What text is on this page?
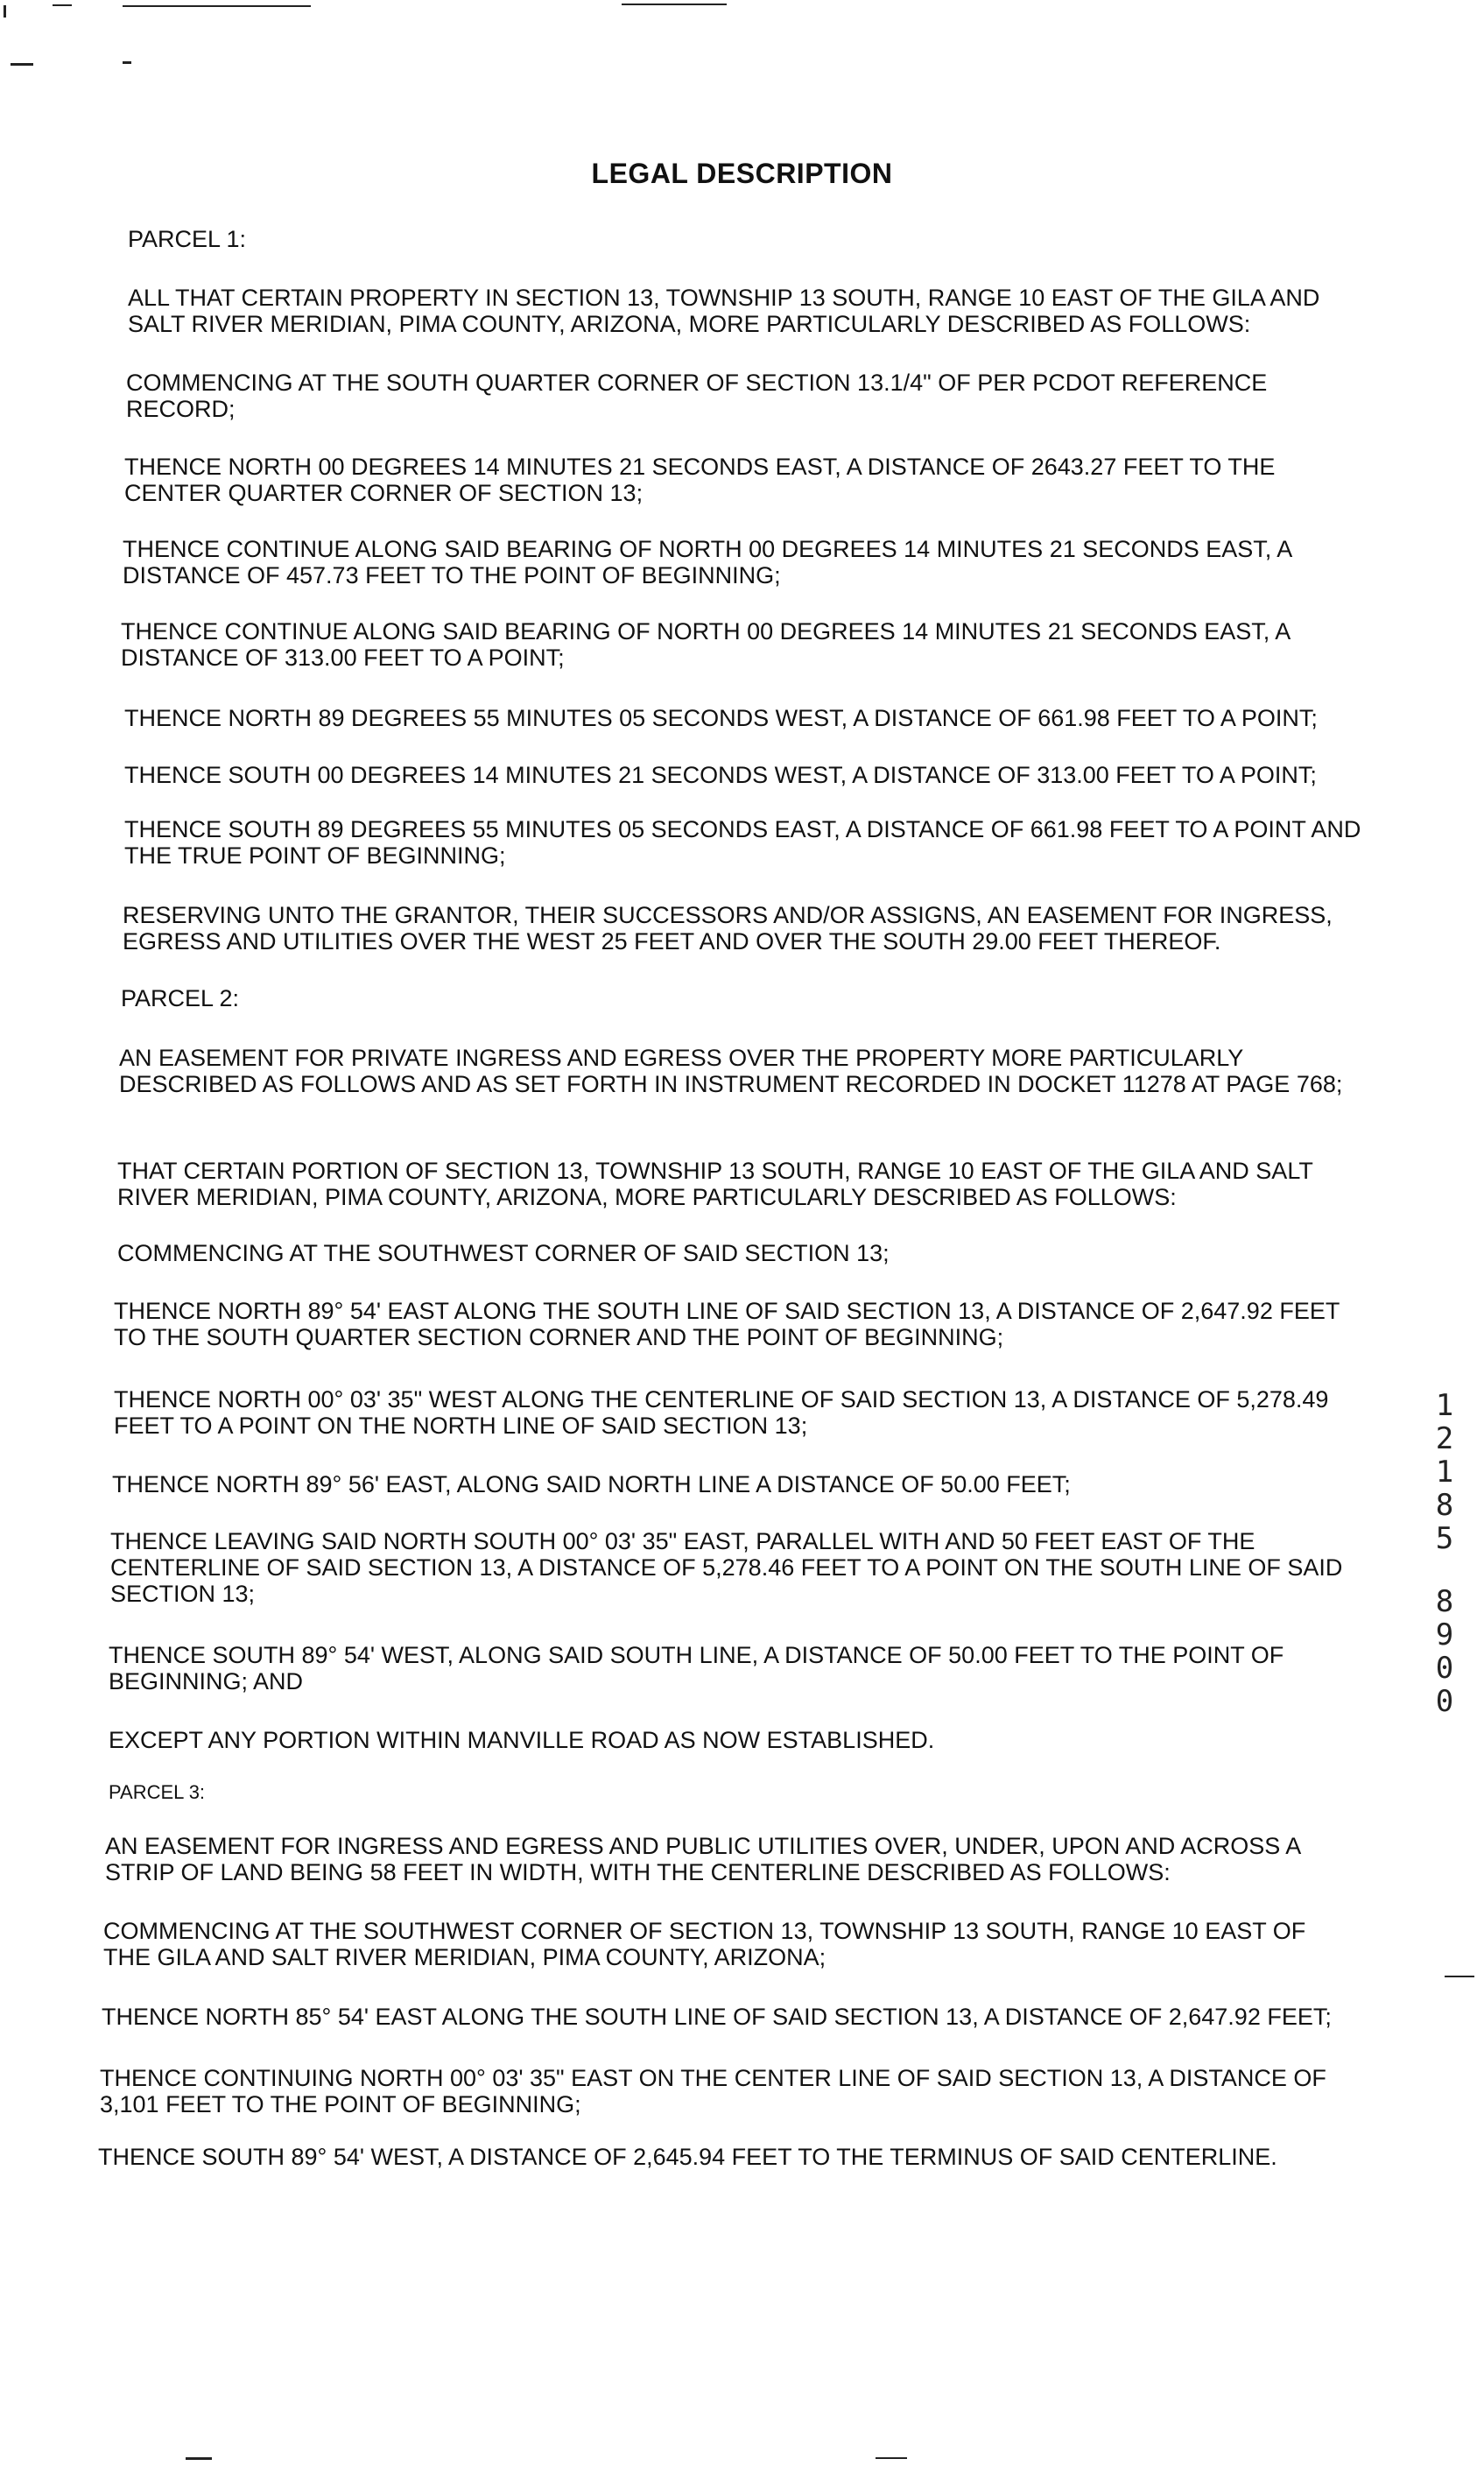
LEGAL DESCRIPTION
PARCEL 1:
ALL THAT CERTAIN PROPERTY IN SECTION 13, TOWNSHIP 13 SOUTH, RANGE 10 EAST OF THE GILA AND SALT RIVER MERIDIAN, PIMA COUNTY, ARIZONA, MORE PARTICULARLY DESCRIBED AS FOLLOWS:
COMMENCING AT THE SOUTH QUARTER CORNER OF SECTION 13.1/4" OF PER PCDOT REFERENCE RECORD;
THENCE NORTH 00 DEGREES 14 MINUTES 21 SECONDS EAST, A DISTANCE OF 2643.27 FEET TO THE CENTER QUARTER CORNER OF SECTION 13;
THENCE CONTINUE ALONG SAID BEARING OF NORTH 00 DEGREES 14 MINUTES 21 SECONDS EAST, A DISTANCE OF 457.73 FEET TO THE POINT OF BEGINNING;
THENCE CONTINUE ALONG SAID BEARING OF NORTH 00 DEGREES 14 MINUTES 21 SECONDS EAST, A DISTANCE OF 313.00 FEET TO A POINT;
THENCE NORTH 89 DEGREES 55 MINUTES 05 SECONDS WEST, A DISTANCE OF 661.98 FEET TO A POINT;
THENCE SOUTH 00 DEGREES 14 MINUTES 21 SECONDS WEST, A DISTANCE OF 313.00 FEET TO A POINT;
THENCE SOUTH 89 DEGREES 55 MINUTES 05 SECONDS EAST, A DISTANCE OF 661.98 FEET TO A POINT AND THE TRUE POINT OF BEGINNING;
RESERVING UNTO THE GRANTOR, THEIR SUCCESSORS AND/OR ASSIGNS, AN EASEMENT FOR INGRESS, EGRESS AND UTILITIES OVER THE WEST 25 FEET AND OVER THE SOUTH 29.00 FEET THEREOF.
PARCEL 2:
AN EASEMENT FOR PRIVATE INGRESS AND EGRESS OVER THE PROPERTY MORE PARTICULARLY DESCRIBED AS FOLLOWS AND AS SET FORTH IN INSTRUMENT RECORDED IN DOCKET 11278 AT PAGE 768;
THAT CERTAIN PORTION OF SECTION 13, TOWNSHIP 13 SOUTH, RANGE 10 EAST OF THE GILA AND SALT RIVER MERIDIAN, PIMA COUNTY, ARIZONA, MORE PARTICULARLY DESCRIBED AS FOLLOWS:
COMMENCING AT THE SOUTHWEST CORNER OF SAID SECTION 13;
THENCE NORTH 89° 54' EAST ALONG THE SOUTH LINE OF SAID SECTION 13, A DISTANCE OF 2,647.92 FEET TO THE SOUTH QUARTER SECTION CORNER AND THE POINT OF BEGINNING;
THENCE NORTH 00° 03' 35" WEST ALONG THE CENTERLINE OF SAID SECTION 13, A DISTANCE OF 5,278.49 FEET TO A POINT ON THE NORTH LINE OF SAID SECTION 13;
THENCE NORTH 89° 56' EAST, ALONG SAID NORTH LINE A DISTANCE OF 50.00 FEET;
THENCE LEAVING SAID NORTH SOUTH 00° 03' 35" EAST, PARALLEL WITH AND 50 FEET EAST OF THE CENTERLINE OF SAID SECTION 13, A DISTANCE OF 5,278.46 FEET TO A POINT ON THE SOUTH LINE OF SAID SECTION 13;
THENCE SOUTH 89° 54' WEST, ALONG SAID SOUTH LINE, A DISTANCE OF 50.00 FEET TO THE POINT OF BEGINNING; AND
EXCEPT ANY PORTION WITHIN MANVILLE ROAD AS NOW ESTABLISHED.
PARCEL 3:
AN EASEMENT FOR INGRESS AND EGRESS AND PUBLIC UTILITIES OVER, UNDER, UPON AND ACROSS A STRIP OF LAND BEING 58 FEET IN WIDTH, WITH THE CENTERLINE DESCRIBED AS FOLLOWS:
COMMENCING AT THE SOUTHWEST CORNER OF SECTION 13, TOWNSHIP 13 SOUTH, RANGE 10 EAST OF THE GILA AND SALT RIVER MERIDIAN, PIMA COUNTY, ARIZONA;
THENCE NORTH 85° 54' EAST ALONG THE SOUTH LINE OF SAID SECTION 13, A DISTANCE OF 2,647.92 FEET;
THENCE CONTINUING NORTH 00° 03' 35" EAST ON THE CENTER LINE OF SAID SECTION 13, A DISTANCE OF 3,101 FEET TO THE POINT OF BEGINNING;
THENCE SOUTH 89° 54' WEST, A DISTANCE OF 2,645.94 FEET TO THE TERMINUS OF SAID CENTERLINE.
1
2
1
8
5
8
9
0
0
